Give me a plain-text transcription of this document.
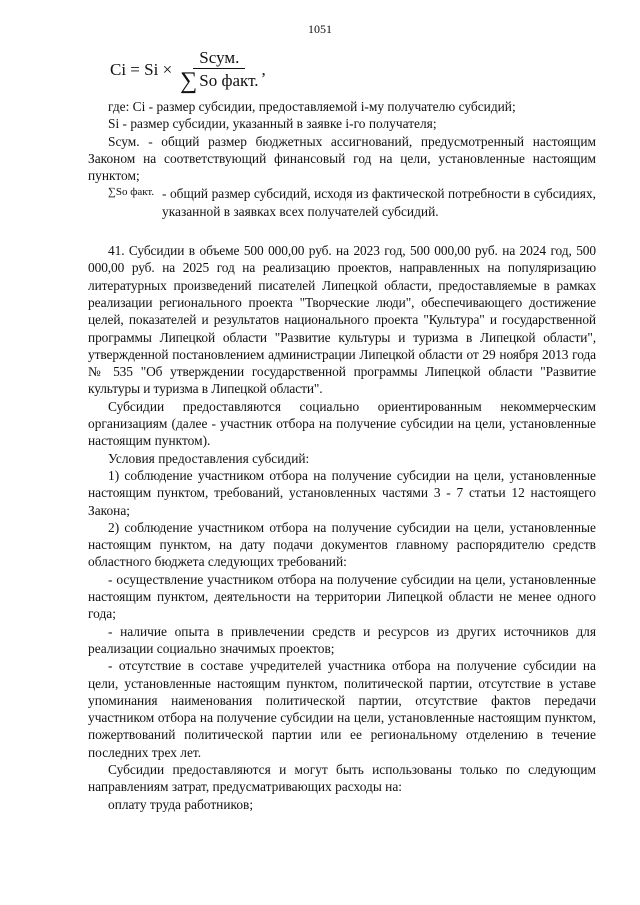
1051
$Ci = Si \times \frac{\text{Sсум.}}{\text{∑ So факт.}}$ ,

где: Ci - размер субсидии, предоставляемой i-му получателю субсидий;

Si - размер субсидии, указанный в заявке i-го получателя;

Sсум. - общий размер бюджетных ассигнований, предусмотренный настоящим Законом на соответствующий финансовый год на цели, установленные настоящим пунктом;

∑So факт. - общий размер субсидий, исходя из фактической потребности в субсидиях, указанной в заявках всех получателей субсидий.

41. Субсидии в объеме 500 000,00 руб. на 2023 год, 500 000,00 руб. на 2024 год, 500 000,00 руб. на 2025 год на реализацию проектов, направленных на популяризацию литературных произведений писателей Липецкой области, предоставляемые в рамках реализации регионального проекта "Творческие люди", обеспечивающего достижение целей, показателей и результатов национального проекта "Культура" и государственной программы Липецкой области "Развитие культуры и туризма в Липецкой области", утвержденной постановлением администрации Липецкой области от 29 ноября 2013 года № 535 "Об утверждении государственной программы Липецкой области "Развитие культуры и туризма в Липецкой области".

Субсидии предоставляются социально ориентированным некоммерческим организациям (далее - участник отбора на получение субсидии на цели, установленные настоящим пунктом).

Условия предоставления субсидий:

1) соблюдение участником отбора на получение субсидии на цели, установленные настоящим пунктом, требований, установленных частями 3 - 7 статьи 12 настоящего Закона;

2) соблюдение участником отбора на получение субсидии на цели, установленные настоящим пунктом, на дату подачи документов главному распорядителю средств областного бюджета следующих требований:

- осуществление участником отбора на получение субсидии на цели, установленные настоящим пунктом, деятельности на территории Липецкой области не менее одного года;

- наличие опыта в привлечении средств и ресурсов из других источников для реализации социально значимых проектов;

- отсутствие в составе учредителей участника отбора на получение субсидии на цели, установленные настоящим пунктом, политической партии, отсутствие в уставе упоминания наименования политической партии, отсутствие фактов передачи участником отбора на получение субсидии на цели, установленные настоящим пунктом, пожертвований политической партии или ее региональному отделению в течение последних трех лет.

Субсидии предоставляются и могут быть использованы только по следующим направлениям затрат, предусматривающих расходы на:

оплату труда работников;
